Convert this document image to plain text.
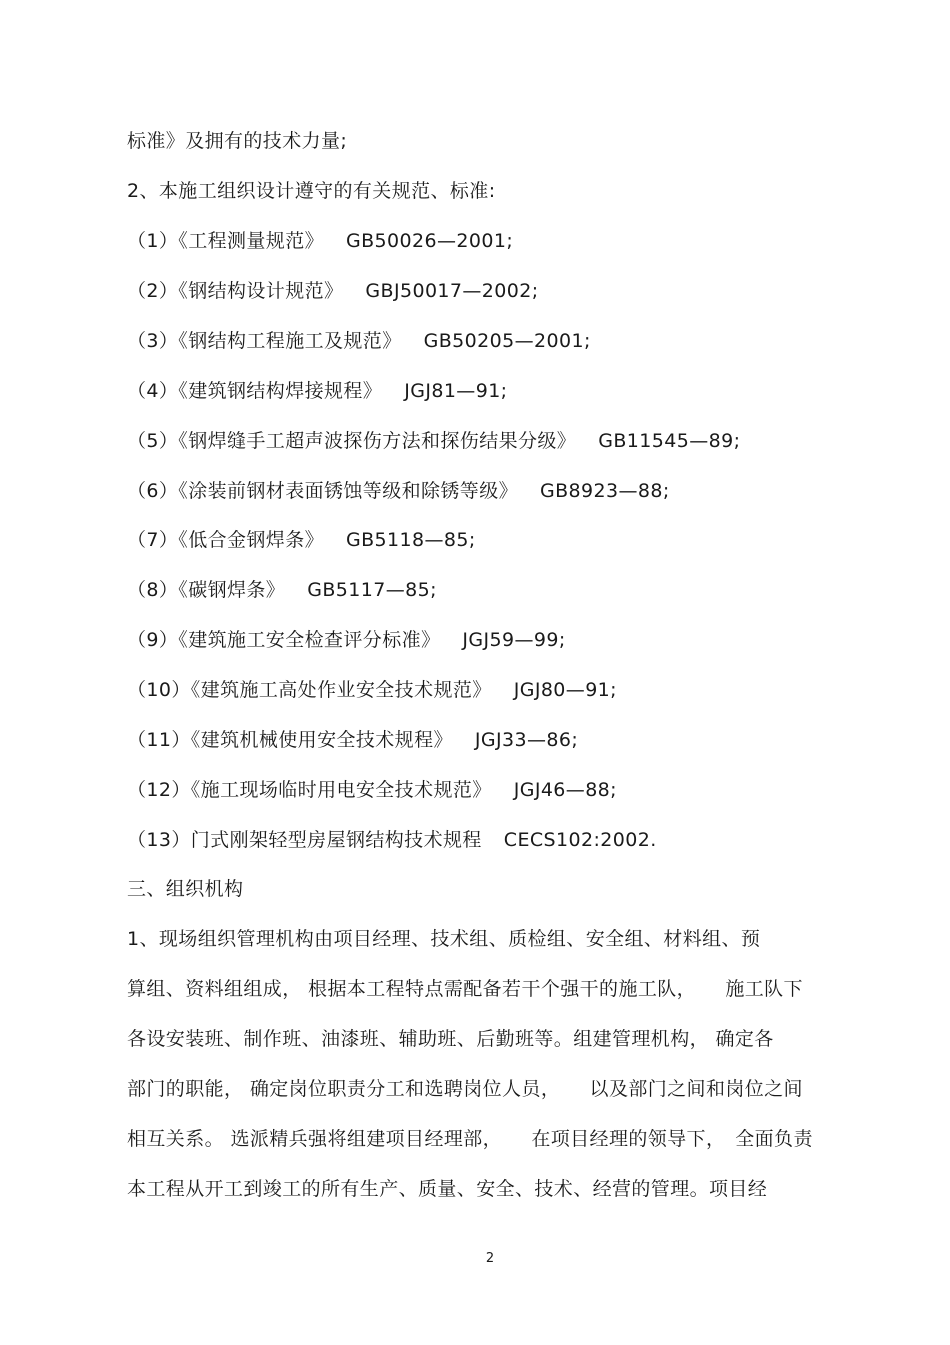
标准》及拥有的技术力量;
2、本施工组织设计遵守的有关规范、标准:
（1）《工程测量规范》 GB50026—2001;
（2）《钢结构设计规范》 GBJ50017—2002;
（3）《钢结构工程施工及规范》 GB50205—2001;
（4）《建筑钢结构焊接规程》 JGJ81—91;
（5）《钢焊缝手工超声波探伤方法和探伤结果分级》 GB11545—89;
（6）《涂装前钢材表面锈蚀等级和除锈等级》 GB8923—88;
（7）《低合金钢焊条》 GB5118—85;
（8）《碳钢焊条》 GB5117—85;
（9）《建筑施工安全检查评分标准》 JGJ59—99;
（10）《建筑施工高处作业安全技术规范》 JGJ80—91;
（11）《建筑机械使用安全技术规程》 JGJ33—86;
（12）《施工现场临时用电安全技术规范》 JGJ46—88;
（13）门式刚架轻型房屋钢结构技术规程 CECS102:2002.
三、组织机构
1、现场组织管理机构由项目经理、技术组、质检组、安全组、材料组、预
算组、资料组组成， 根据本工程特点需配备若干个强干的施工队，　　施工队下
各设安装班、制作班、油漆班、辅助班、后勤班等。组建管理机构， 确定各
部门的职能， 确定岗位职责分工和选聘岗位人员，　　以及部门之间和岗位之间
相互关系。 选派精兵强将组建项目经理部，　　在项目经理的领导下，　全面负责
本工程从开工到竣工的所有生产、质量、安全、技术、经营的管理。项目经
2
